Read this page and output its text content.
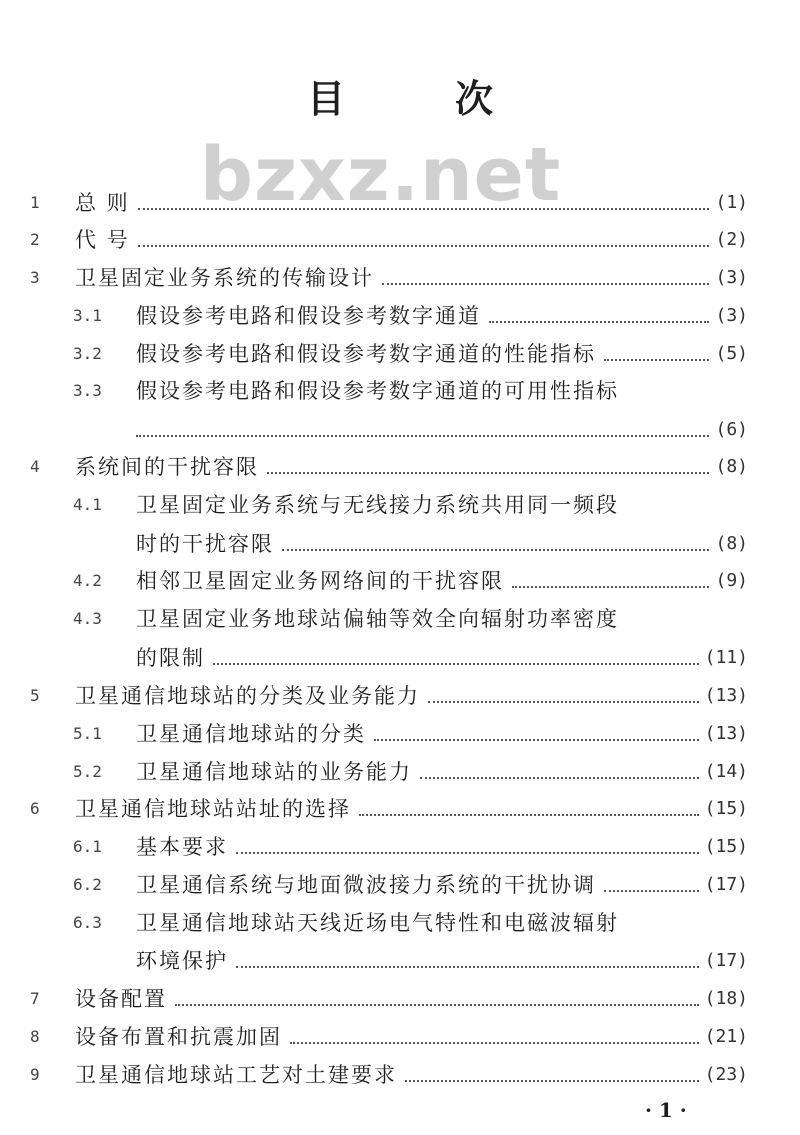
目	次
bzxz.net
1 总 则	(1)
2 代 号	(2)
3 卫星固定业务系统的传输设计	(3)
3.1 假设参考电路和假设参考数字通道	(3)
3.2 假设参考电路和假设参考数字通道的性能指标	(5)
3.3 假设参考电路和假设参考数字通道的可用性指标
(6)
4 系统间的干扰容限	(8)
4.1 卫星固定业务系统与无线接力系统共用同一频段
时的干扰容限	(8)
4.2 相邻卫星固定业务网络间的干扰容限	(9)
4.3 卫星固定业务地球站偏轴等效全向辐射功率密度
的限制	(11)
5 卫星通信地球站的分类及业务能力	(13)
5.1 卫星通信地球站的分类	(13)
5.2 卫星通信地球站的业务能力	(14)
6 卫星通信地球站站址的选择	(15)
6.1 基本要求	(15)
6.2 卫星通信系统与地面微波接力系统的干扰协调	(17)
6.3 卫星通信地球站天线近场电气特性和电磁波辐射
环境保护	(17)
7 设备配置	(18)
8 设备布置和抗震加固	(21)
9 卫星通信地球站工艺对土建要求	(23)
· 1 ·
